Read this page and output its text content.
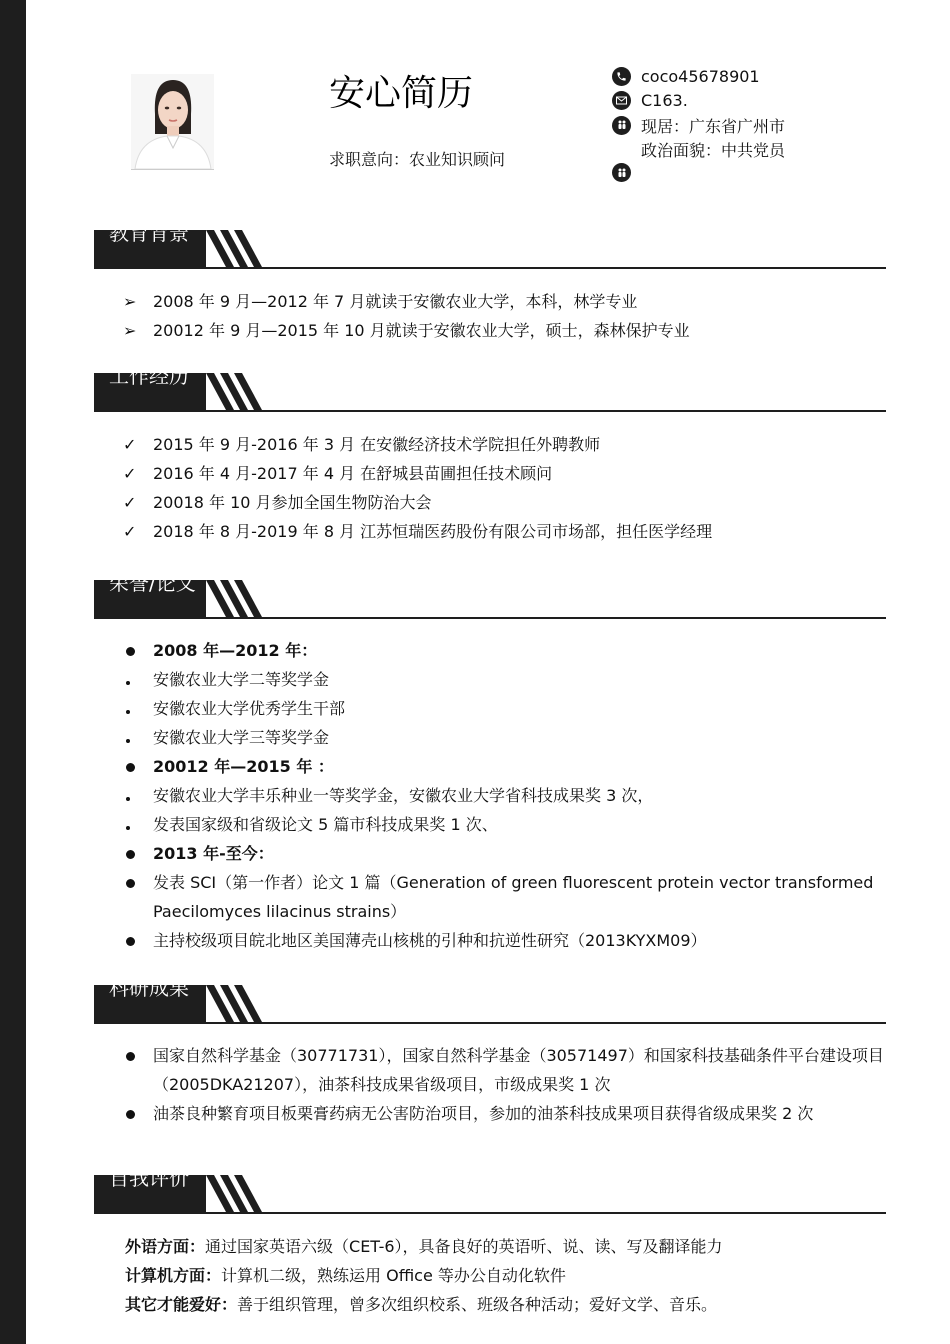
安心简历
求职意向：农业知识顾问
coco45678901
C163.
现居：广东省广州市
政治面貌：中共党员
教育背景
➢	2008 年 9 月—2012 年 7 月就读于安徽农业大学，本科，林学专业
➢	20012 年 9 月—2015 年 10 月就读于安徽农业大学，硕士，森林保护专业
工作经历
✓	2015 年 9 月-2016 年 3 月 在安徽经济技术学院担任外聘教师
✓	2016 年 4 月-2017 年 4 月 在舒城县苗圃担任技术顾问
✓	20018 年 10 月参加全国生物防治大会
✓	2018 年 8 月-2019 年 8 月 江苏恒瑞医药股份有限公司市场部，担任医学经理
荣誉/论文
2008 年—2012 年：
安徽农业大学二等奖学金
安徽农业大学优秀学生干部
安徽农业大学三等奖学金
20012 年—2015 年 ：
安徽农业大学丰乐种业一等奖学金，安徽农业大学省科技成果奖 3 次，
发表国家级和省级论文 5 篇市科技成果奖 1 次、
2013 年-至今：
发表 SCI（第一作者）论文 1 篇（Generation of green fluorescent protein vector transformed Paecilomyces lilacinus strains）
主持校级项目皖北地区美国薄壳山核桃的引种和抗逆性研究（2013KYXM09）
科研成果
国家自然科学基金（30771731），国家自然科学基金（30571497）和国家科技基础条件平台建设项目（2005DKA21207），油茶科技成果省级项目，市级成果奖 1 次
油茶良种繁育项目板栗膏药病无公害防治项目，参加的油茶科技成果项目获得省级成果奖 2 次
自我评价
外语方面：通过国家英语六级（CET-6），具备良好的英语听、说、读、写及翻译能力
计算机方面：计算机二级，熟练运用 Office 等办公自动化软件
其它才能爱好：善于组织管理，曾多次组织校系、班级各种活动；爱好文学、音乐。
